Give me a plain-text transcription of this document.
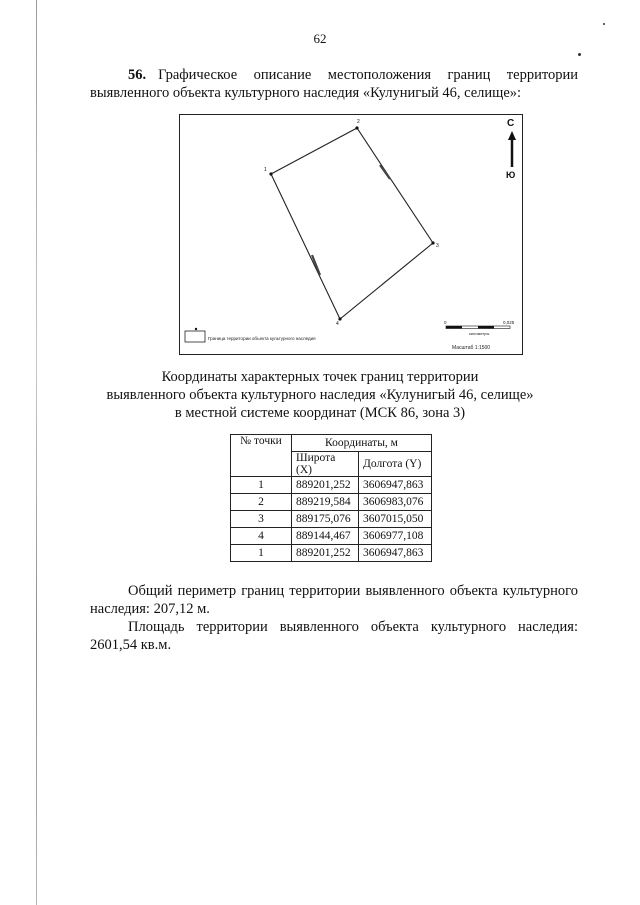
62
56. Графическое описание местоположения границ территории выявленного объекта культурного наследия «Кулунигый 46, селище»:
С
Ю
1
2
3
4
Граница территории объекта культурного наследия
0	0,025
километры
Масштаб 1:1500
Координаты характерных точек границ территории
выявленного объекта культурного наследия «Кулунигый 46, селище»
в местной системе координат (МСК 86, зона 3)
№ точки	Координаты, м	
	Широта (X)	Долгота (Y)
1	889201,252	3606947,863
2	889219,584	3606983,076
3	889175,076	3607015,050
4	889144,467	3606977,108
1	889201,252	3606947,863
Общий периметр границ территории выявленного объекта культурного наследия: 207,12 м.
Площадь территории выявленного объекта культурного наследия: 2601,54 кв.м.
